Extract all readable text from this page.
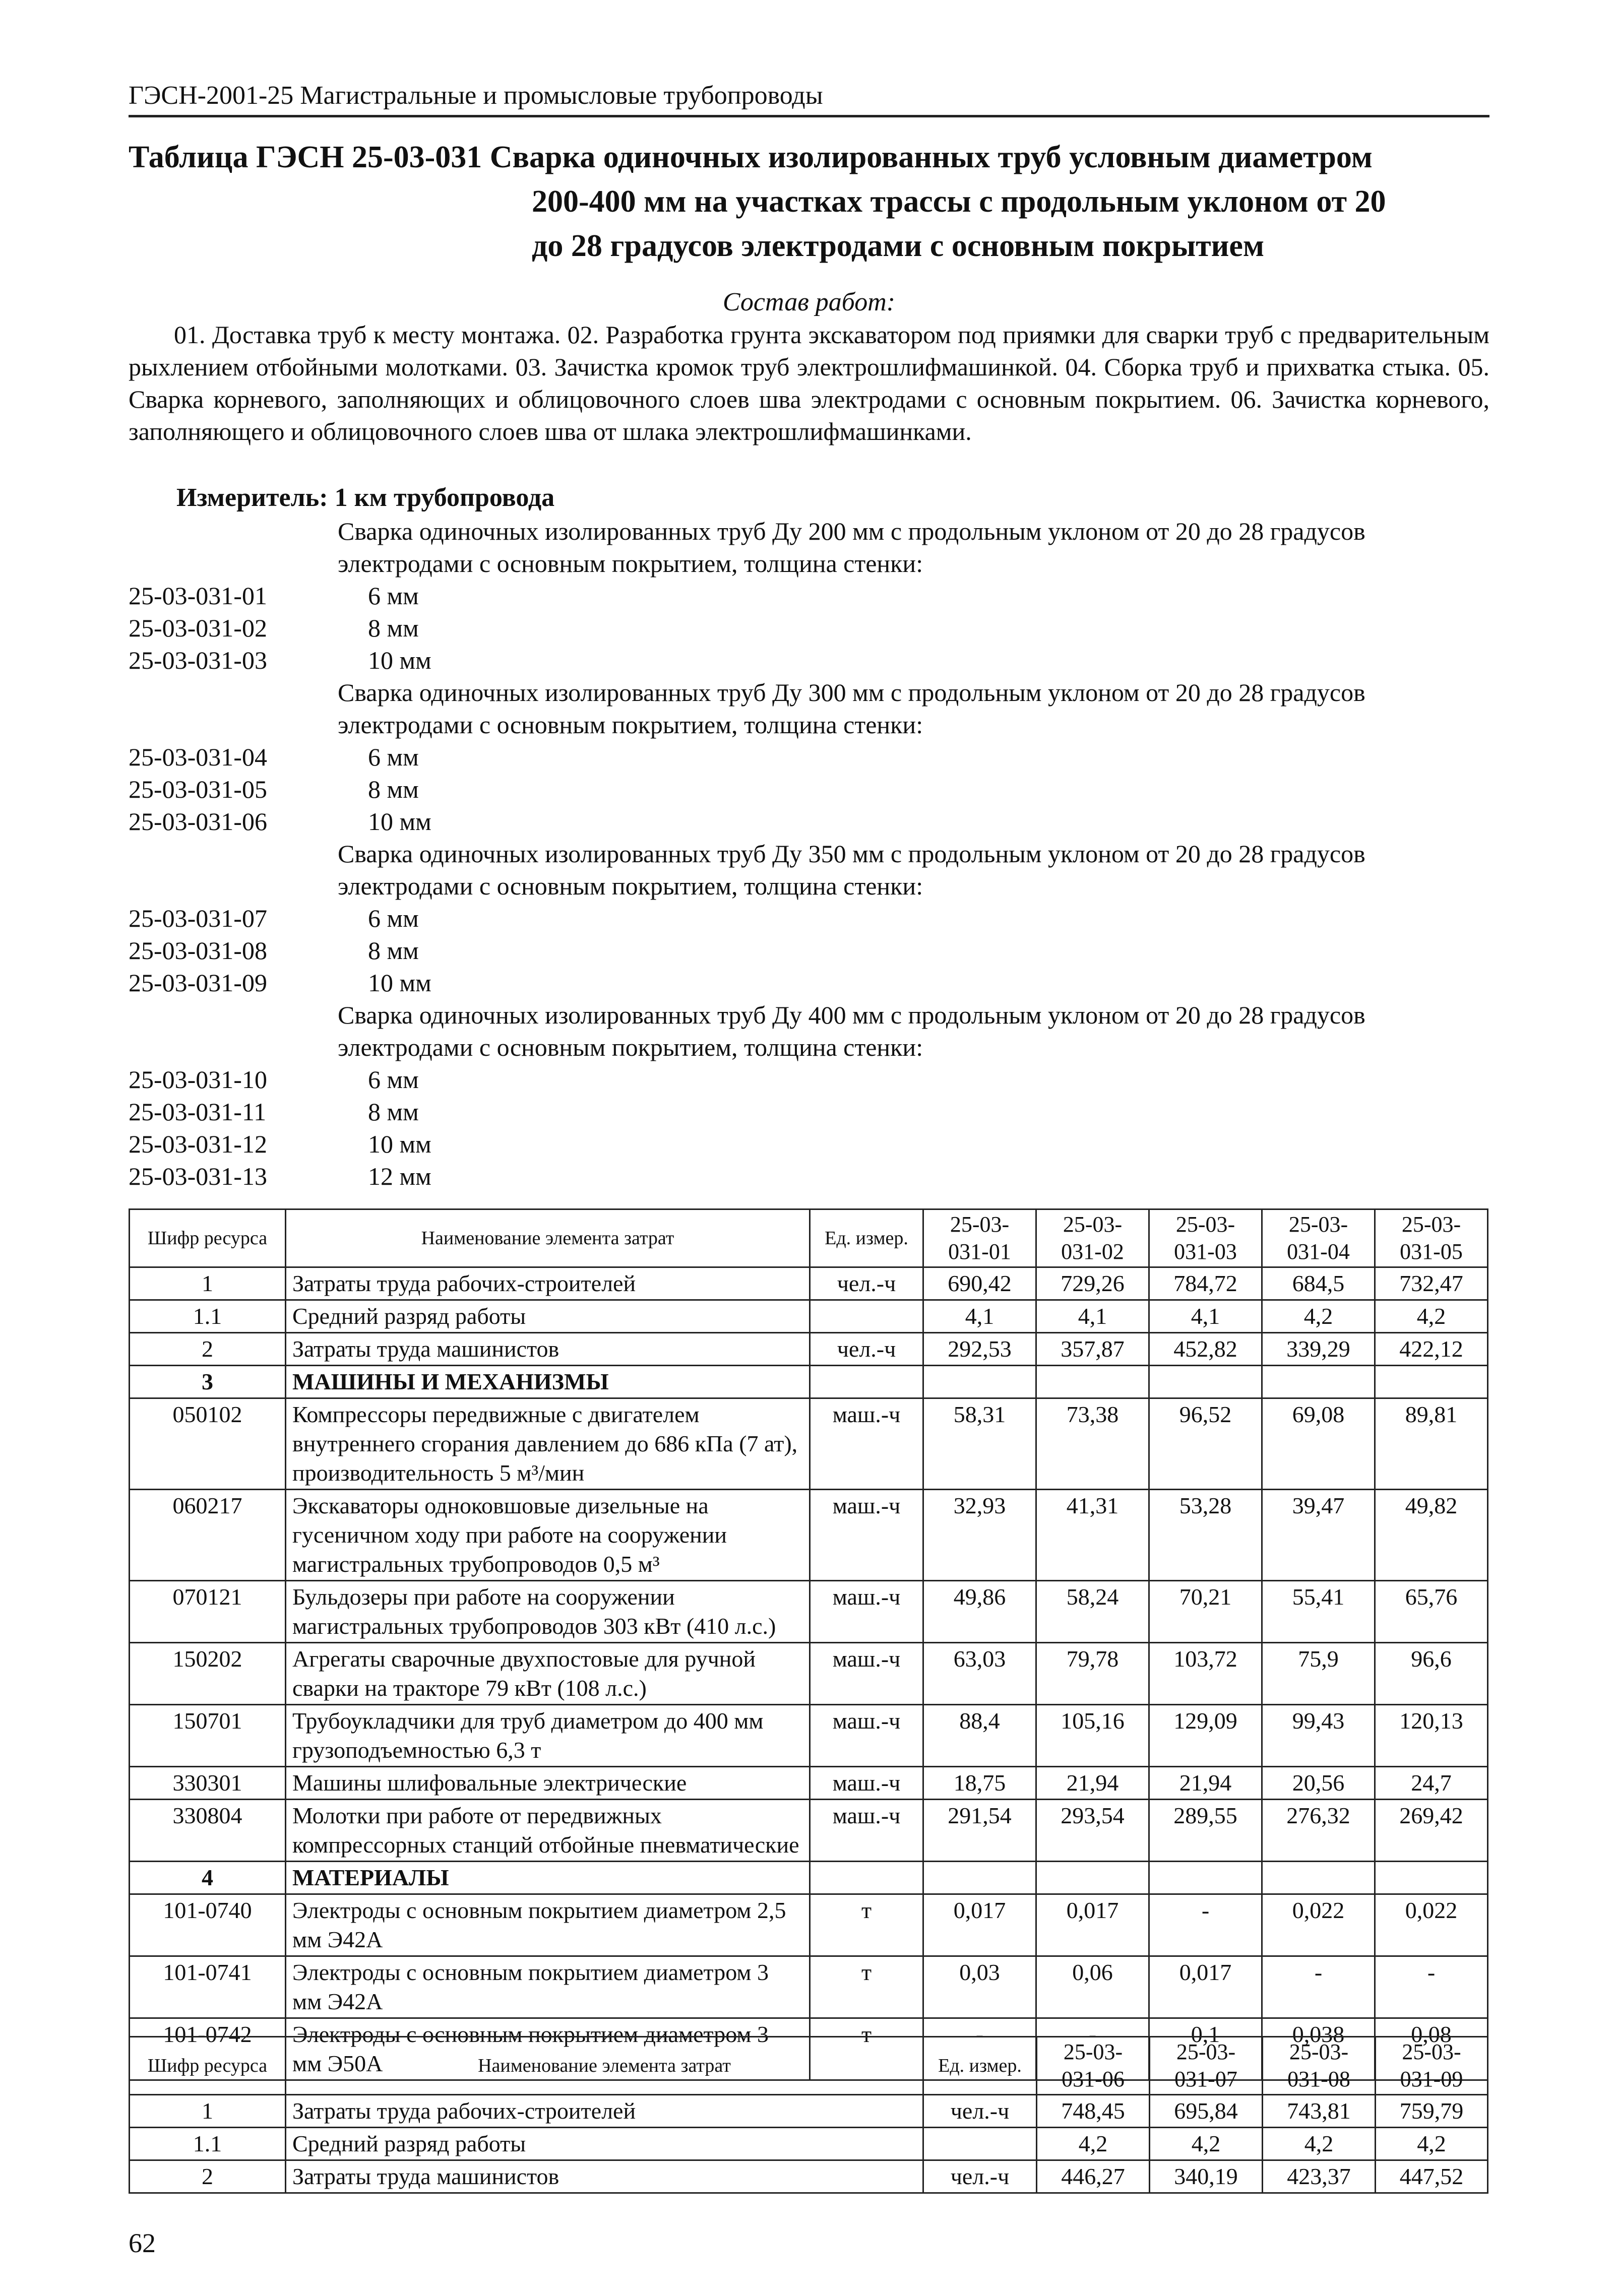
ГЭСН-2001-25 Магистральные и промысловые трубопроводы
Таблица ГЭСН 25-03-031 Сварка одиночных изолированных труб условным диаметром
200-400 мм на участках трассы с продольным уклоном от 20
до 28 градусов электродами с основным покрытием
Состав работ:

01. Доставка труб к месту монтажа. 02. Разработка грунта экскаватором под приямки для сварки труб с предварительным рыхлением отбойными молотками. 03. Зачистка кромок труб электрошлифмашинкой. 04. Сборка труб и прихватка стыка. 05. Сварка корневого, заполняющих и облицовочного слоев шва электродами с основным покрытием. 06. Зачистка корневого, заполняющего и облицовочного слоев шва от шлака электрошлифмашинками.

Измеритель: 1 км трубопровода
Сварка одиночных изолированных труб Ду 200 мм с продольным уклоном от 20 до 28 градусов электродами с основным покрытием, толщина стенки:
25-03-031-01	6 мм
25-03-031-02	8 мм
25-03-031-03	10 мм
Сварка одиночных изолированных труб Ду 300 мм с продольным уклоном от 20 до 28 градусов электродами с основным покрытием, толщина стенки:
25-03-031-04	6 мм
25-03-031-05	8 мм
25-03-031-06	10 мм
Сварка одиночных изолированных труб Ду 350 мм с продольным уклоном от 20 до 28 градусов электродами с основным покрытием, толщина стенки:
25-03-031-07	6 мм
25-03-031-08	8 мм
25-03-031-09	10 мм
Сварка одиночных изолированных труб Ду 400 мм с продольным уклоном от 20 до 28 градусов электродами с основным покрытием, толщина стенки:
25-03-031-10	6 мм
25-03-031-11	8 мм
25-03-031-12	10 мм
25-03-031-13	12 мм
Шифр ресурса	Наименование элемента затрат	Ед. измер.	25-03-031-01	25-03-031-02	25-03-031-03	25-03-031-04	25-03-031-05
1	Затраты труда рабочих-строителей	чел.-ч	690,42	729,26	784,72	684,5	732,47
1.1	Средний разряд работы		4,1	4,1	4,1	4,2	4,2
2	Затраты труда машинистов	чел.-ч	292,53	357,87	452,82	339,29	422,12
3	МАШИНЫ И МЕХАНИЗМЫ						
050102	Компрессоры передвижные с двигателем внутреннего сгорания давлением до 686 кПа (7 ат), производительность 5 м³/мин	маш.-ч	58,31	73,38	96,52	69,08	89,81
060217	Экскаваторы одноковшовые дизельные на гусеничном ходу при работе на сооружении магистральных трубопроводов 0,5 м³	маш.-ч	32,93	41,31	53,28	39,47	49,82
070121	Бульдозеры при работе на сооружении магистральных трубопроводов 303 кВт (410 л.с.)	маш.-ч	49,86	58,24	70,21	55,41	65,76
150202	Агрегаты сварочные двухпостовые для ручной сварки на тракторе 79 кВт (108 л.с.)	маш.-ч	63,03	79,78	103,72	75,9	96,6
150701	Трубоукладчики для труб диаметром до 400 мм грузоподъемностью 6,3 т	маш.-ч	88,4	105,16	129,09	99,43	120,13
330301	Машины шлифовальные электрические	маш.-ч	18,75	21,94	21,94	20,56	24,7
330804	Молотки при работе от передвижных компрессорных станций отбойные пневматические	маш.-ч	291,54	293,54	289,55	276,32	269,42
4	МАТЕРИАЛЫ						
101-0740	Электроды с основным покрытием диаметром 2,5 мм Э42А	т	0,017	0,017	-	0,022	0,022
101-0741	Электроды с основным покрытием диаметром 3 мм Э42А	т	0,03	0,06	0,017	-	-
101-0742	Электроды с основным покрытием диаметром 3 мм Э50А	т	-	-	0,1	0,038	0,08
Шифр ресурса	Наименование элемента затрат	Ед. измер.	25-03-031-06	25-03-031-07	25-03-031-08	25-03-031-09
1	Затраты труда рабочих-строителей	чел.-ч	748,45	695,84	743,81	759,79
1.1	Средний разряд работы		4,2	4,2	4,2	4,2
2	Затраты труда машинистов	чел.-ч	446,27	340,19	423,37	447,52
62
